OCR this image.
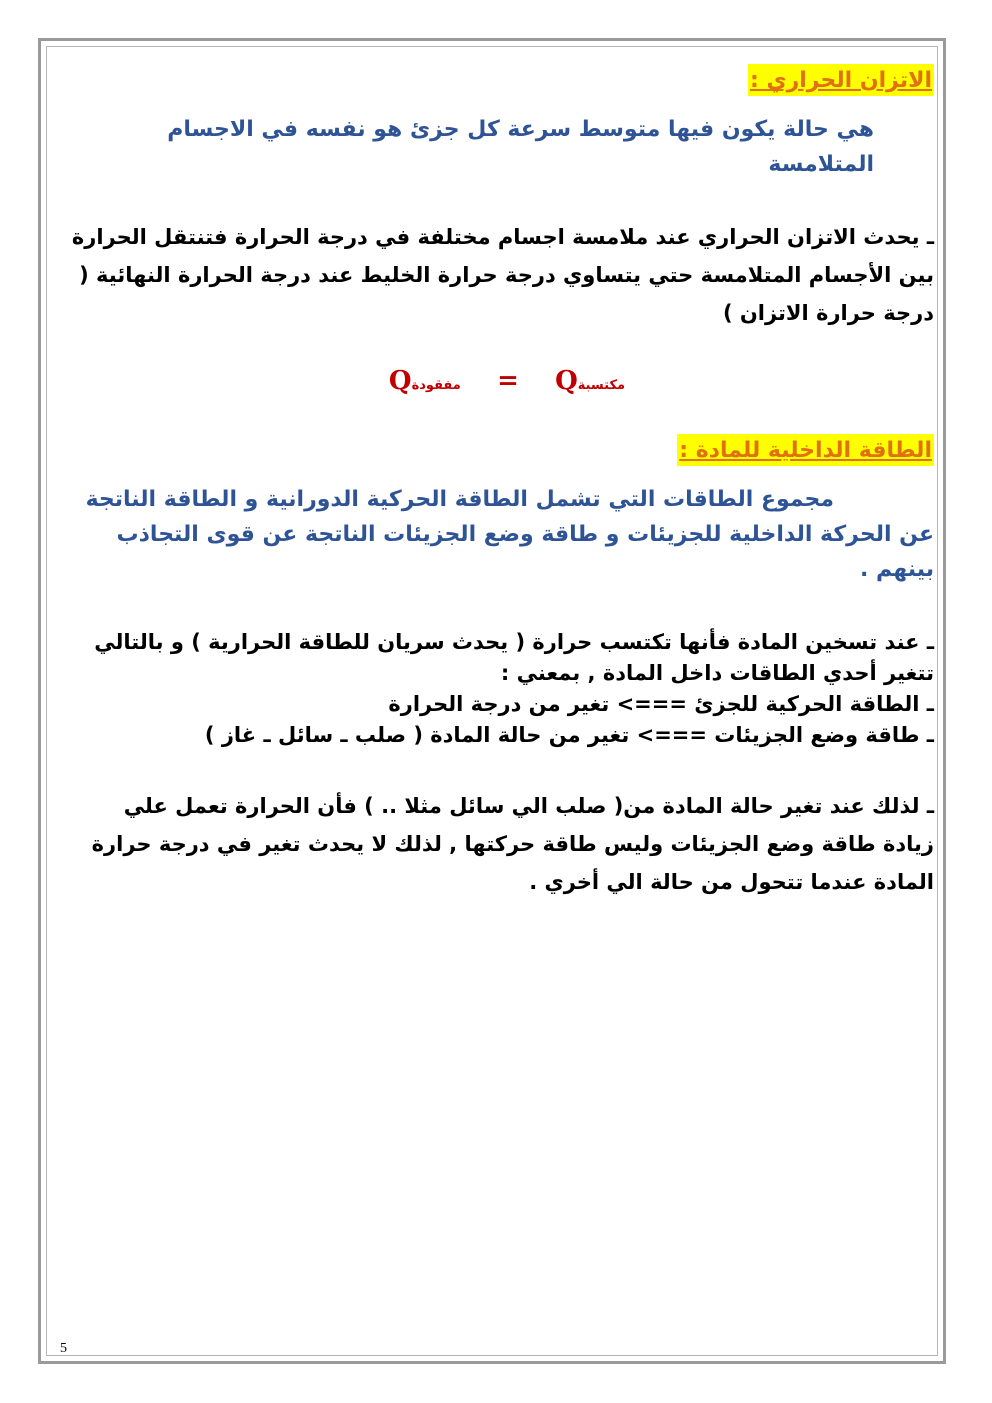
الاتزان الحراري :

هي حالة يكون فيها متوسط سرعة كل جزئ هو نفسه في الاجسام المتلامسة

ـ يحدث الاتزان الحراري عند ملامسة اجسام مختلفة في درجة الحرارة فتنتقل الحرارة بين الأجسام المتلامسة حتي يتساوي درجة حرارة الخليط عند درجة الحرارة النهائية ( درجة حرارة الاتزان )

Qمفقودة = Qمكتسبة
الطاقة الداخلية للمادة :

مجموع الطاقات التي تشمل الطاقة الحركية الدورانية و الطاقة الناتجة عن الحركة الداخلية للجزيئات و طاقة وضع الجزيئات الناتجة عن قوى التجاذب بينهم .

ـ عند تسخين المادة فأنها تكتسب حرارة ( يحدث سريان للطاقة الحرارية ) و بالتالي تتغير أحدي الطاقات داخل المادة , بمعني :

ـ الطاقة الحركية للجزئ ===> تغير من درجة الحرارة

ـ طاقة وضع الجزيئات ===> تغير من حالة المادة ( صلب ـ سائل ـ غاز )

ـ لذلك عند تغير حالة المادة من( صلب الي سائل مثلا .. ) فأن الحرارة تعمل علي زيادة طاقة وضع الجزيئات وليس طاقة حركتها , لذلك لا يحدث تغير في درجة حرارة المادة عندما تتحول من حالة الي أخري .

5
